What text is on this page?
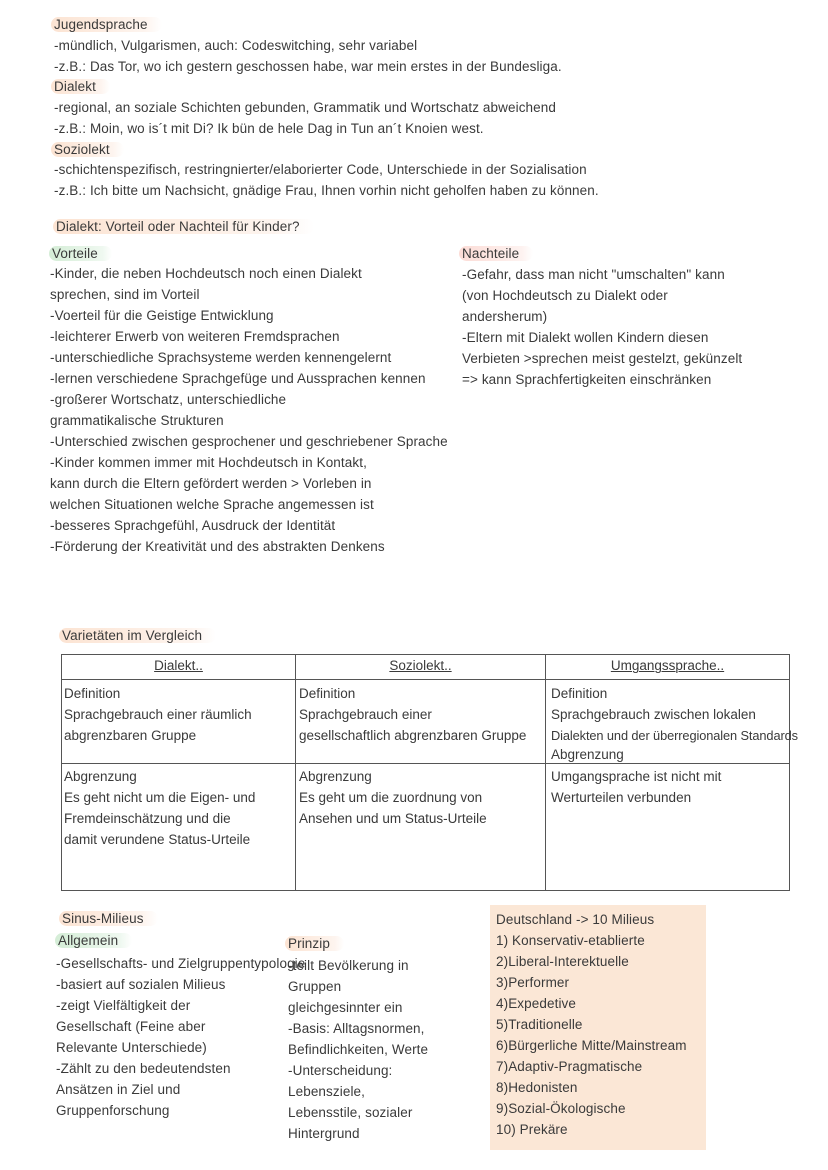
Jugendsprache
-mündlich, Vulgarismen, auch: Codeswitching, sehr variabel
-z.B.: Das Tor, wo ich gestern geschossen habe, war mein erstes in der Bundesliga.
Dialekt
-regional, an soziale Schichten gebunden, Grammatik und Wortschatz abweichend
-z.B.: Moin, wo is´t mit Di? Ik bün de hele Dag in Tun an´t Knoien west.
Soziolekt
-schichtenspezifisch, restringnierter/elaborierter Code, Unterschiede in der Sozialisation
-z.B.: Ich bitte um Nachsicht, gnädige Frau, Ihnen vorhin nicht geholfen haben zu können.
Dialekt: Vorteil oder Nachteil für Kinder?
Vorteile
-Kinder, die neben Hochdeutsch noch einen Dialekt
sprechen, sind im Vorteil
-Voerteil für die Geistige Entwicklung
-leichterer Erwerb von weiteren Fremdsprachen
-unterschiedliche Sprachsysteme werden kennengelernt
-lernen verschiedene Sprachgefüge und Aussprachen kennen
-großerer Wortschatz, unterschiedliche
grammatikalische Strukturen
-Unterschied zwischen gesprochener und geschriebener Sprache
-Kinder kommen immer mit Hochdeutsch in Kontakt,
kann durch die Eltern gefördert werden > Vorleben in
welchen Situationen welche Sprache angemessen ist
-besseres Sprachgefühl, Ausdruck der Identität
-Förderung der Kreativität und des abstrakten Denkens
Nachteile
-Gefahr, dass man nicht "umschalten" kann
(von Hochdeutsch zu Dialekt oder
andersherum)
-Eltern mit Dialekt wollen Kindern diesen
Verbieten >sprechen meist gestelzt, gekünzelt
=> kann Sprachfertigkeiten einschränken
Varietäten im Vergleich
Dialekt..	Soziolekt..	Umgangssprache..
Definition
Sprachgebrauch einer räumlich
abgrenzbaren Gruppe
Definition
Sprachgebrauch einer
gesellschaftlich abgrenzbaren Gruppe
Definition
Sprachgebrauch zwischen lokalen
Dialekten und der überregionalen Standards
Abgrenzung
Abgrenzung
Es geht nicht um die Eigen- und
Fremdeinschätzung und die
damit verundene Status-Urteile
Abgrenzung
Es geht um die zuordnung von
Ansehen und um Status-Urteile
Umgangsprache ist nicht mit
Werturteilen verbunden
Sinus-Milieus
Allgemein
-Gesellschafts- und Zielgruppentypologie
-basiert auf sozialen Milieus
-zeigt Vielfältigkeit der
Gesellschaft (Feine aber
Relevante Unterschiede)
-Zählt zu den bedeutendsten
Ansätzen in Ziel und
Gruppenforschung
Prinzip
-teilt Bevölkerung in
Gruppen
gleichgesinnter ein
-Basis: Alltagsnormen,
Befindlichkeiten, Werte
-Unterscheidung:
Lebensziele,
Lebensstile, sozialer
Hintergrund
Deutschland -> 10 Milieus
1) Konservativ-etablierte
2)Liberal-Interektuelle
3)Performer
4)Expedetive
5)Traditionelle
6)Bürgerliche Mitte/Mainstream
7)Adaptiv-Pragmatische
8)Hedonisten
9)Sozial-Ökologische
10) Prekäre
